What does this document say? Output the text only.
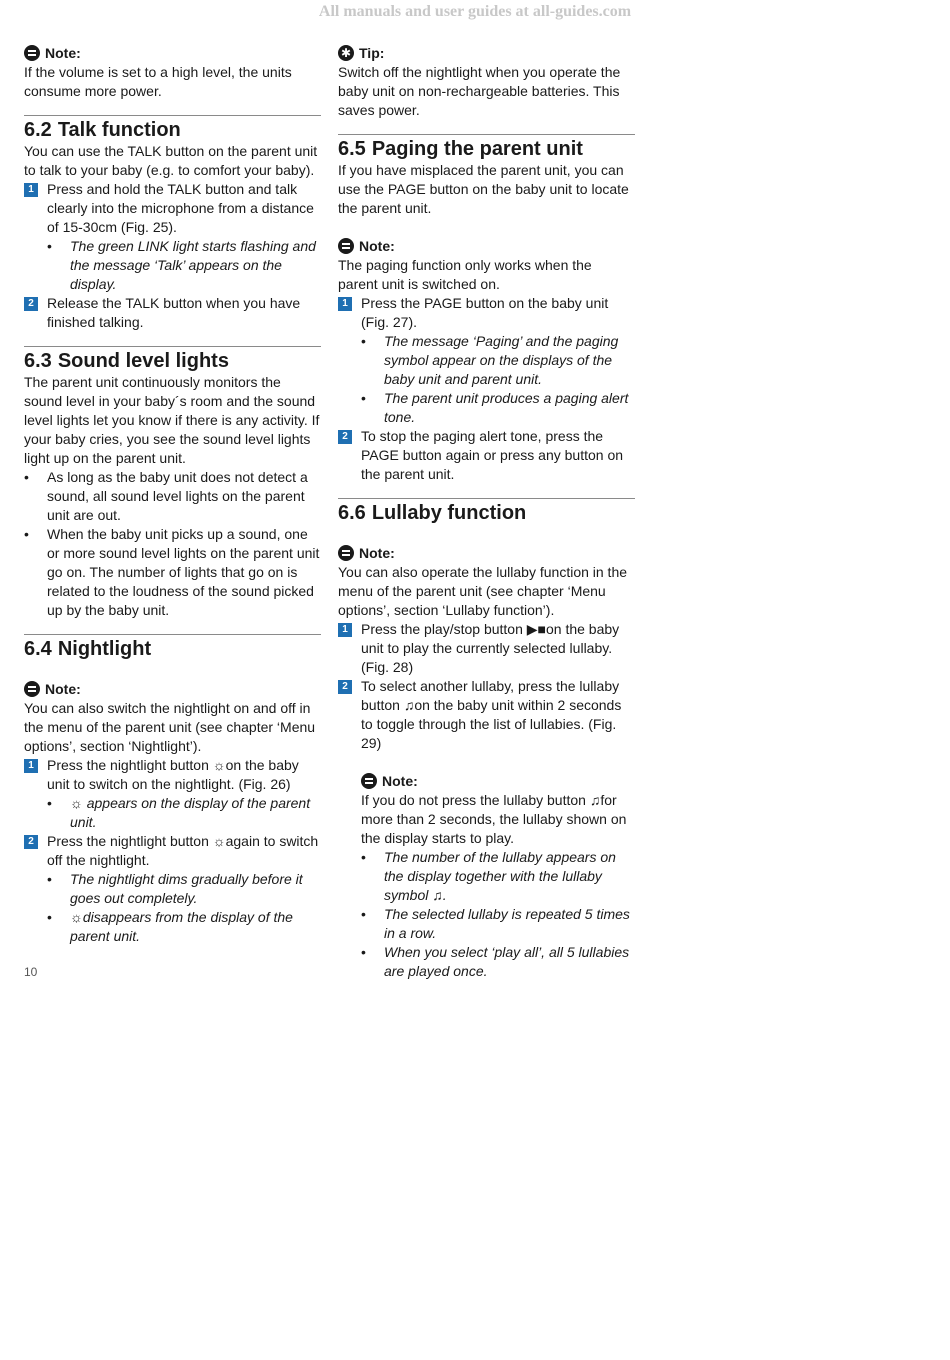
All manuals and user guides at all-guides.com
Note:

If the volume is set to a high level, the units consume more power.

6.2 Talk function

You can use the TALK button on the parent unit to talk to your baby (e.g. to comfort your baby).

1 Press and hold the TALK button and talk clearly into the microphone from a distance of 15-30cm (Fig. 25).
•	The green LINK light starts flashing and the message ‘Talk’ appears on the display.
2 Release the TALK button when you have finished talking.
6.3 Sound level lights

The parent unit continuously monitors the sound level in your baby´s room and the sound level lights let you know if there is any activity. If your baby cries, you see the sound level lights light up on the parent unit.

•	As long as the baby unit does not detect a sound, all sound level lights on the parent unit are out.
•	When the baby unit picks up a sound, one or more sound level lights on the parent unit go on. The number of lights that go on is related to the loudness of the sound picked up by the baby unit.
6.4 Nightlight
Note:

You can also switch the nightlight on and off in the menu of the parent unit (see chapter ‘Menu options’, section ‘Nightlight’).

1 Press the nightlight button ☼on the baby unit to switch on the nightlight. (Fig. 26)
•	☼ appears on the display of the parent unit.
2 Press the nightlight button ☼again to switch off the nightlight.
•	The nightlight dims gradually before it goes out completely.
•	☼disappears from the display of the parent unit.
✱ Tip:

Switch off the nightlight when you operate the baby unit on non-rechargeable batteries. This saves power.

6.5 Paging the parent unit

If you have misplaced the parent unit, you can use the PAGE button on the baby unit to locate the parent unit.

Note:

The paging function only works when the parent unit is switched on.

1 Press the PAGE button on the baby unit (Fig. 27).
•	The message ‘Paging’ and the paging symbol appear on the displays of the baby unit and parent unit.
•	The parent unit produces a paging alert tone.
2 To stop the paging alert tone, press the PAGE button again or press any button on the parent unit.
6.6 Lullaby function
Note:

You can also operate the lullaby function in the menu of the parent unit (see chapter ‘Menu options’, section ‘Lullaby function’).

1 Press the play/stop button ▶■on the baby unit to play the currently selected lullaby. (Fig. 28)
2 To select another lullaby, press the lullaby button ♫on the baby unit within 2 seconds to toggle through the list of lullabies. (Fig. 29)
Note:

If you do not press the lullaby button ♫for more than 2 seconds, the lullaby shown on the display starts to play.

•	The number of the lullaby appears on the display together with the lullaby symbol ♫.
•	The selected lullaby is repeated 5 times in a row.
•	When you select ‘play all’, all 5 lullabies are played once.
10
